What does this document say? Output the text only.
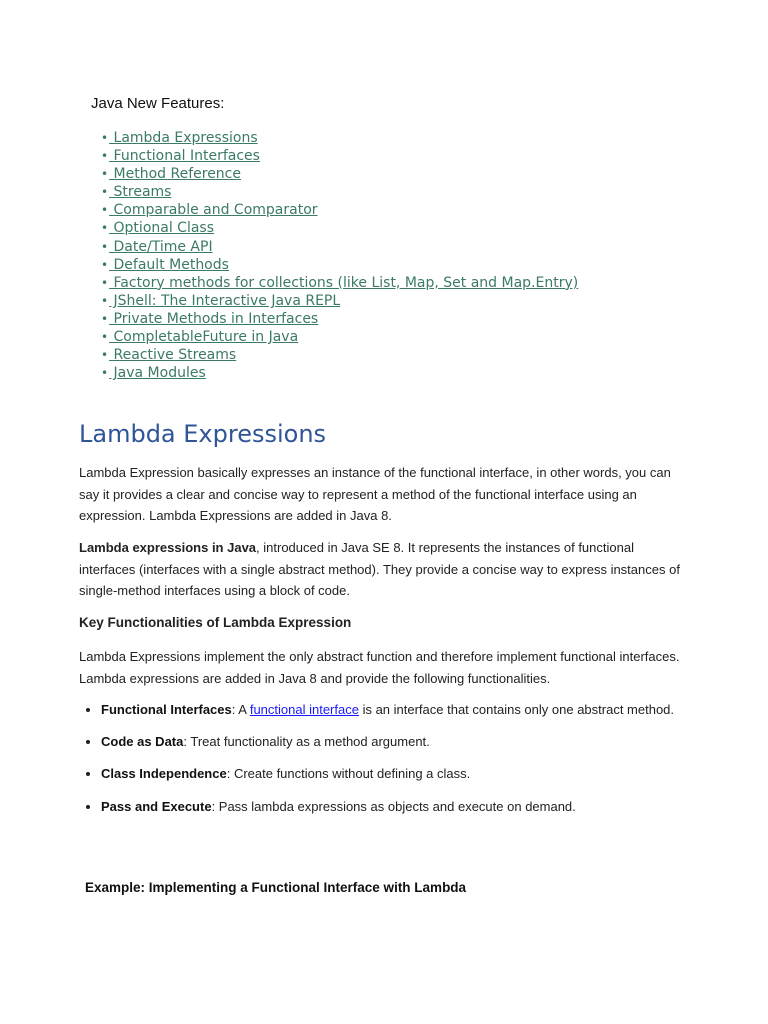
Java New Features:
• Lambda Expressions
• Functional Interfaces
• Method Reference
• Streams
• Comparable and Comparator
• Optional Class
• Date/Time API
• Default Methods
• Factory methods for collections (like List, Map, Set and Map.Entry)
• JShell: The Interactive Java REPL
• Private Methods in Interfaces
• CompletableFuture in Java
• Reactive Streams
• Java Modules
Lambda Expressions

Lambda Expression basically expresses an instance of the functional interface, in other words, you can say it provides a clear and concise way to represent a method of the functional interface using an expression. Lambda Expressions are added in Java 8.

Lambda expressions in Java, introduced in Java SE 8. It represents the instances of functional interfaces (interfaces with a single abstract method). They provide a concise way to express instances of single-method interfaces using a block of code.

Key Functionalities of Lambda Expression

Lambda Expressions implement the only abstract function and therefore implement functional interfaces. Lambda expressions are added in Java 8 and provide the following functionalities.

• Functional Interfaces: A functional interface is an interface that contains only one abstract method.
• Code as Data: Treat functionality as a method argument.
• Class Independence: Create functions without defining a class.
• Pass and Execute: Pass lambda expressions as objects and execute on demand.

Example: Implementing a Functional Interface with Lambda
